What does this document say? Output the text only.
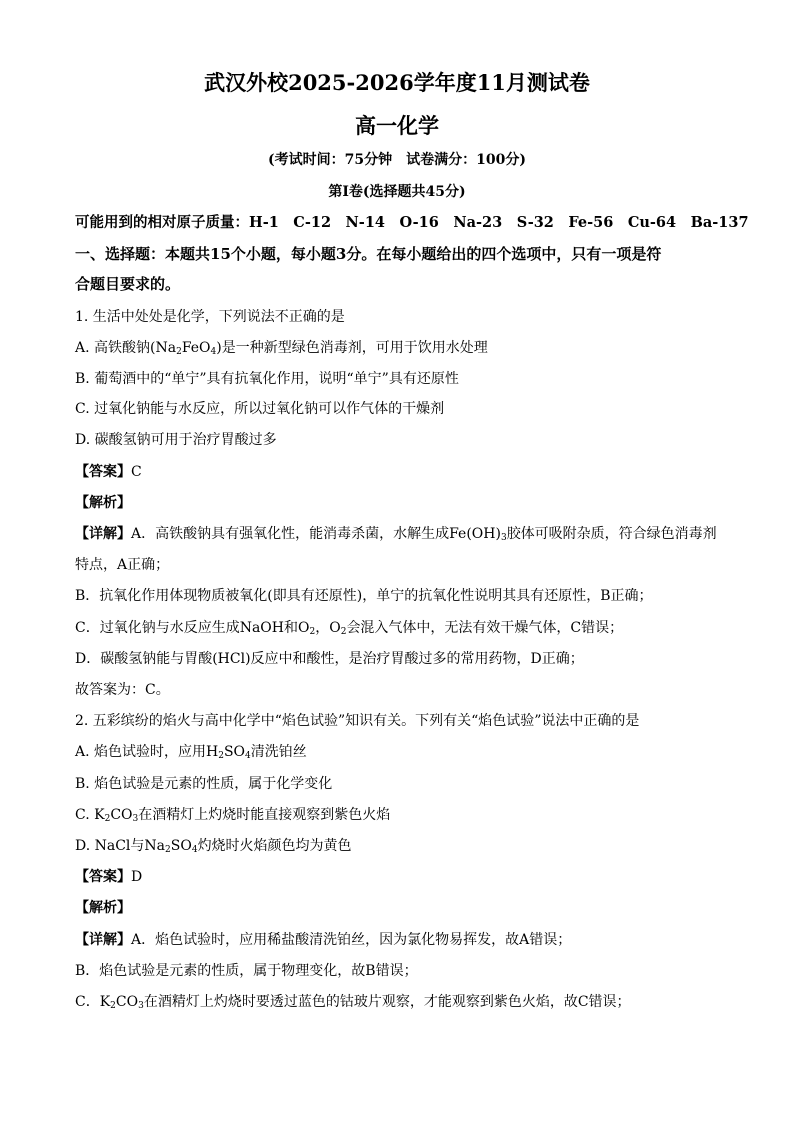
武汉外校2025-2026学年度11月测试卷
高一化学
(考试时间：75分钟　试卷满分：100分)
第Ⅰ卷(选择题共45分)
可能用到的相对原子质量：H-1　C-12　N-14　O-16　Na-23　S-32　Fe-56　Cu-64　Ba-137
一、选择题：本题共15个小题，每小题3分。在每小题给出的四个选项中，只有一项是符
合题目要求的。
1. 生活中处处是化学，下列说法不正确的是
A. 高铁酸钠$(Na_2FeO_4)$是一种新型绿色消毒剂，可用于饮用水处理
B. 葡萄酒中的“单宁”具有抗氧化作用，说明“单宁”具有还原性
C. 过氧化钠能与水反应，所以过氧化钠可以作气体的干燥剂
D. 碳酸氢钠可用于治疗胃酸过多
【答案】C
【解析】
【详解】A．高铁酸钠具有强氧化性，能消毒杀菌，水解生成$Fe(OH)_3$胶体可吸附杂质，符合绿色消毒剂
特点，A正确；
B．抗氧化作用体现物质被氧化(即具有还原性)，单宁的抗氧化性说明其具有还原性，B正确；
C．过氧化钠与水反应生成NaOH和$O_2$，$O_2$会混入气体中，无法有效干燥气体，C错误；
D．碳酸氢钠能与胃酸(HCl)反应中和酸性，是治疗胃酸过多的常用药物，D正确；
故答案为：C。
2. 五彩缤纷的焰火与高中化学中“焰色试验”知识有关。下列有关“焰色试验”说法中正确的是
A. 焰色试验时，应用$H_2SO_4$清洗铂丝
B. 焰色试验是元素的性质，属于化学变化
C. $K_2CO_3$在酒精灯上灼烧时能直接观察到紫色火焰
D. NaCl与$Na_2SO_4$灼烧时火焰颜色均为黄色
【答案】D
【解析】
【详解】A．焰色试验时，应用稀盐酸清洗铂丝，因为氯化物易挥发，故A错误；
B．焰色试验是元素的性质，属于物理变化，故B错误；
C．$K_2CO_3$在酒精灯上灼烧时要透过蓝色的钴玻片观察，才能观察到紫色火焰，故C错误；
